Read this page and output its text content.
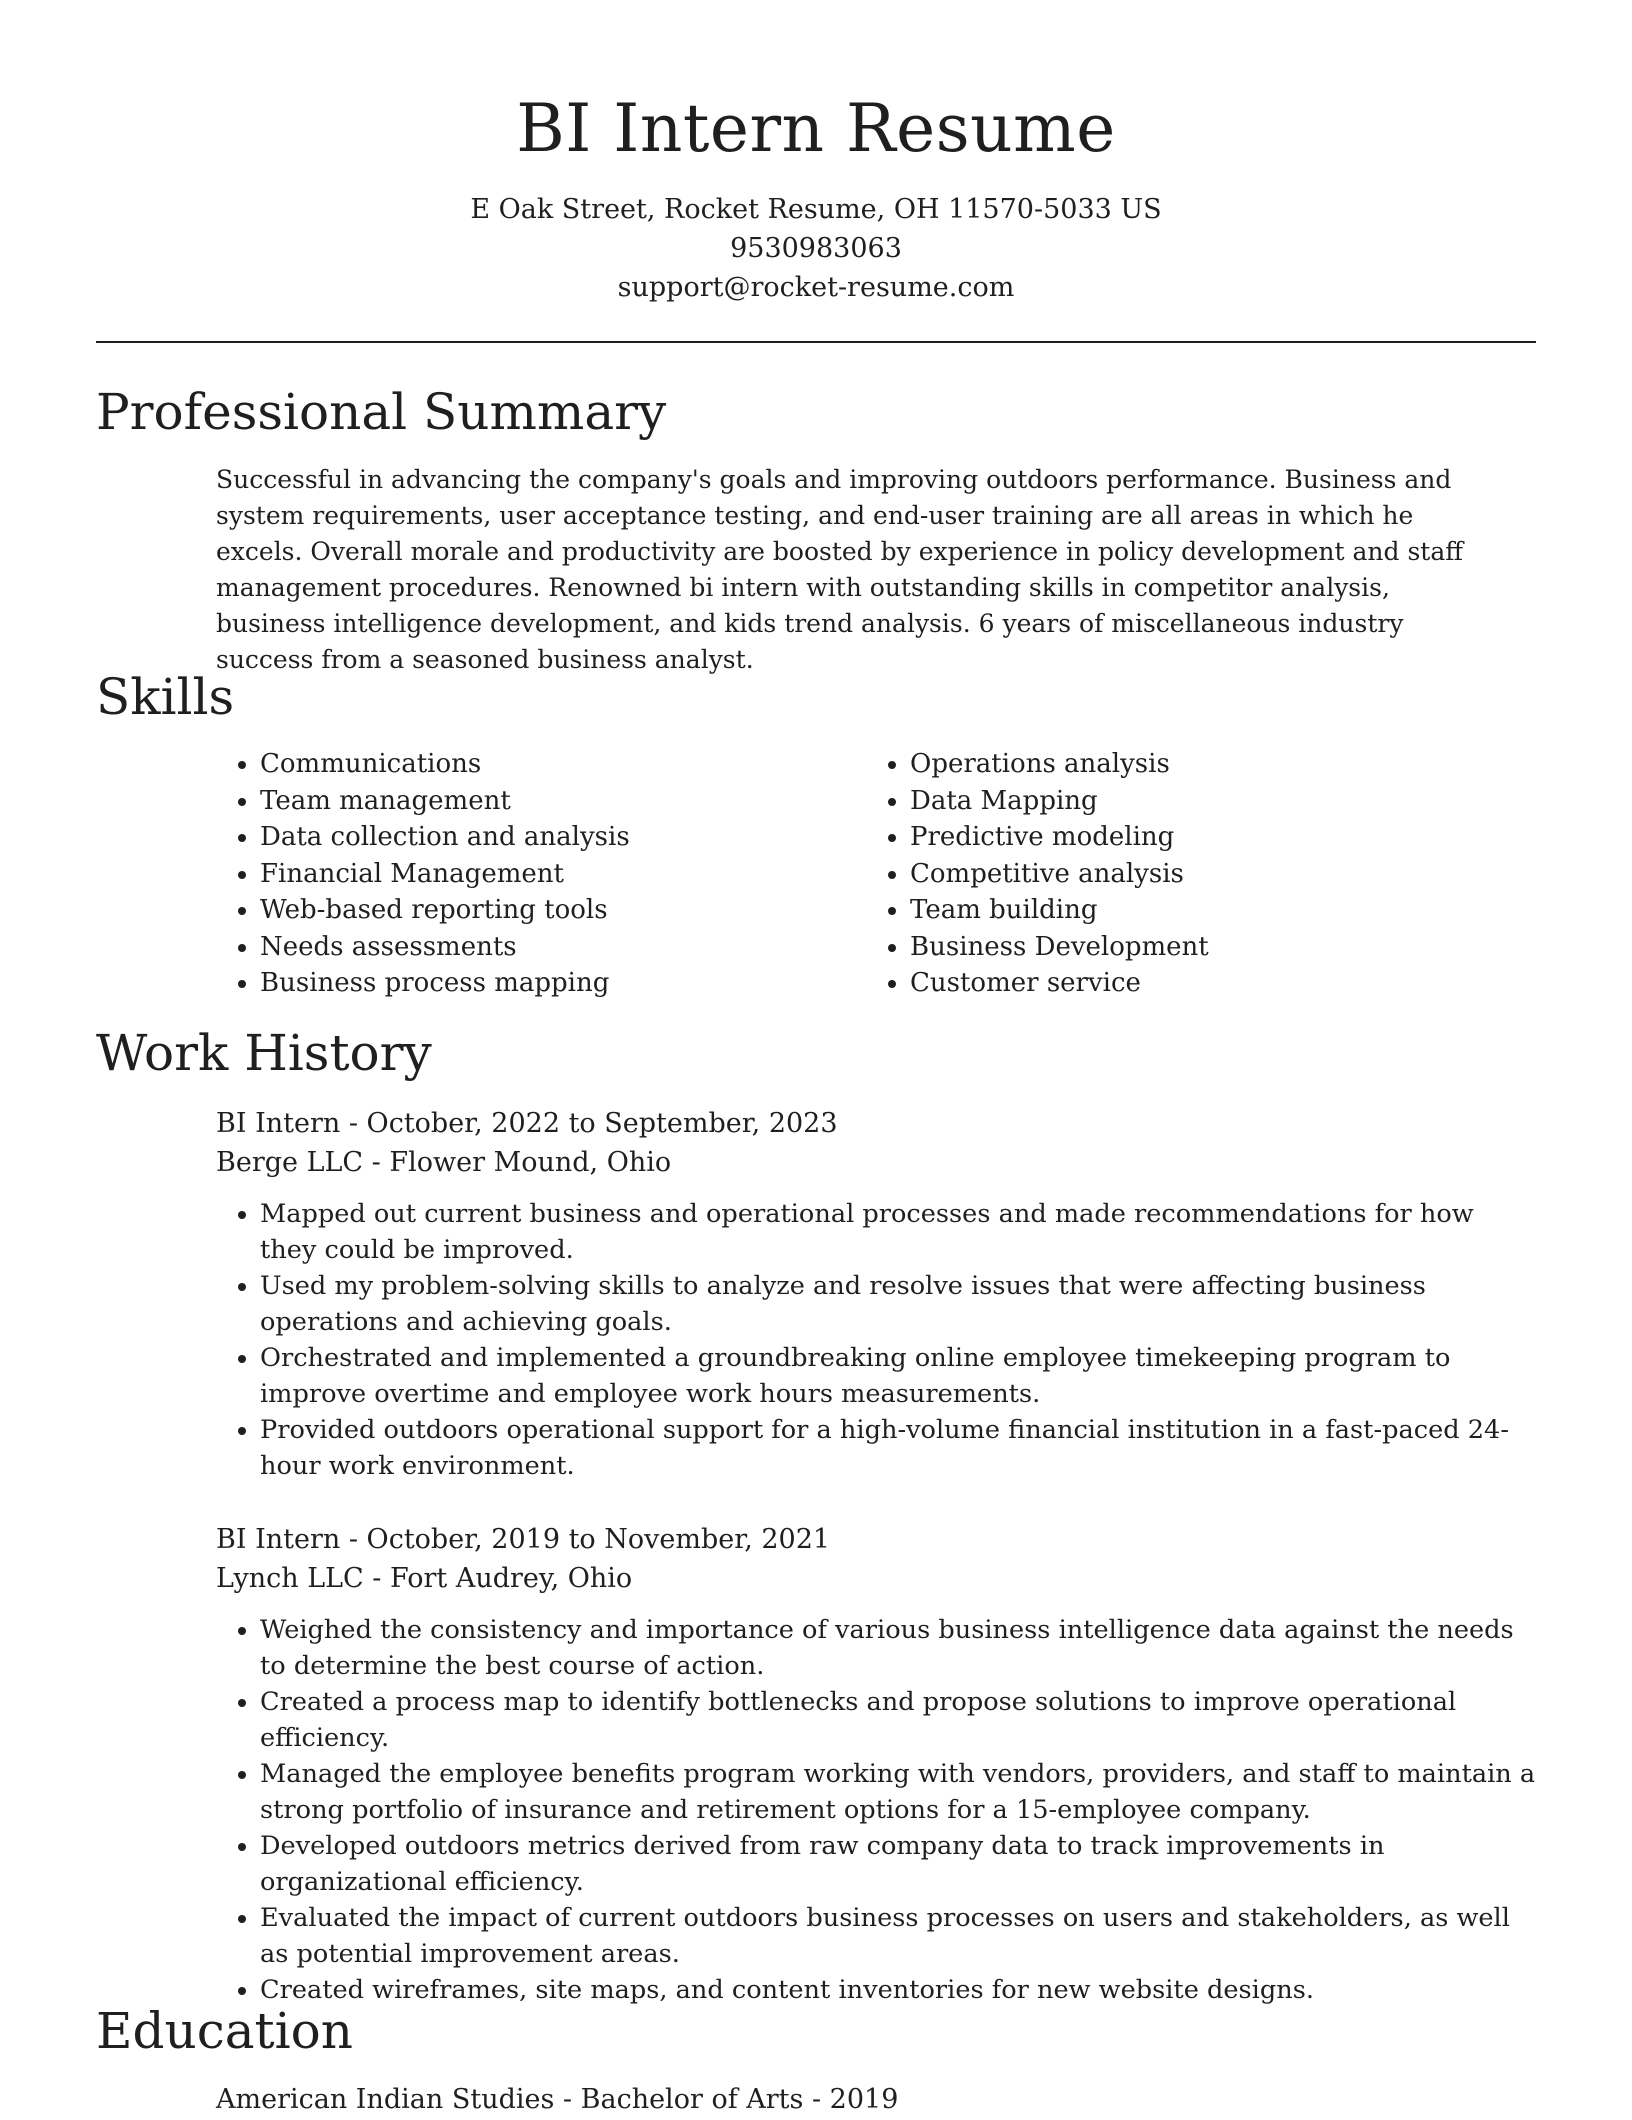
BI Intern Resume
E Oak Street, Rocket Resume, OH 11570-5033 US
9530983063
support@rocket-resume.com
Professional Summary

Successful in advancing the company's goals and improving outdoors performance. Business and system requirements, user acceptance testing, and end-user training are all areas in which he excels. Overall morale and productivity are boosted by experience in policy development and staff management procedures. Renowned bi intern with outstanding skills in competitor analysis, business intelligence development, and kids trend analysis. 6 years of miscellaneous industry success from a seasoned business analyst.

Skills
• Communications
• Team management
• Data collection and analysis
• Financial Management
• Web-based reporting tools
• Needs assessments
• Business process mapping
• Operations analysis
• Data Mapping
• Predictive modeling
• Competitive analysis
• Team building
• Business Development
• Customer service
Work History
BI Intern - October, 2022 to September, 2023
Berge LLC - Flower Mound, Ohio
• Mapped out current business and operational processes and made recommendations for how they could be improved.
• Used my problem-solving skills to analyze and resolve issues that were affecting business operations and achieving goals.
• Orchestrated and implemented a groundbreaking online employee timekeeping program to improve overtime and employee work hours measurements.
• Provided outdoors operational support for a high-volume financial institution in a fast-paced 24-hour work environment.
BI Intern - October, 2019 to November, 2021
Lynch LLC - Fort Audrey, Ohio
• Weighed the consistency and importance of various business intelligence data against the needs to determine the best course of action.
• Created a process map to identify bottlenecks and propose solutions to improve operational efficiency.
• Managed the employee benefits program working with vendors, providers, and staff to maintain a strong portfolio of insurance and retirement options for a 15-employee company.
• Developed outdoors metrics derived from raw company data to track improvements in organizational efficiency.
• Evaluated the impact of current outdoors business processes on users and stakeholders, as well as potential improvement areas.
• Created wireframes, site maps, and content inventories for new website designs.
Education
American Indian Studies - Bachelor of Arts - 2019
